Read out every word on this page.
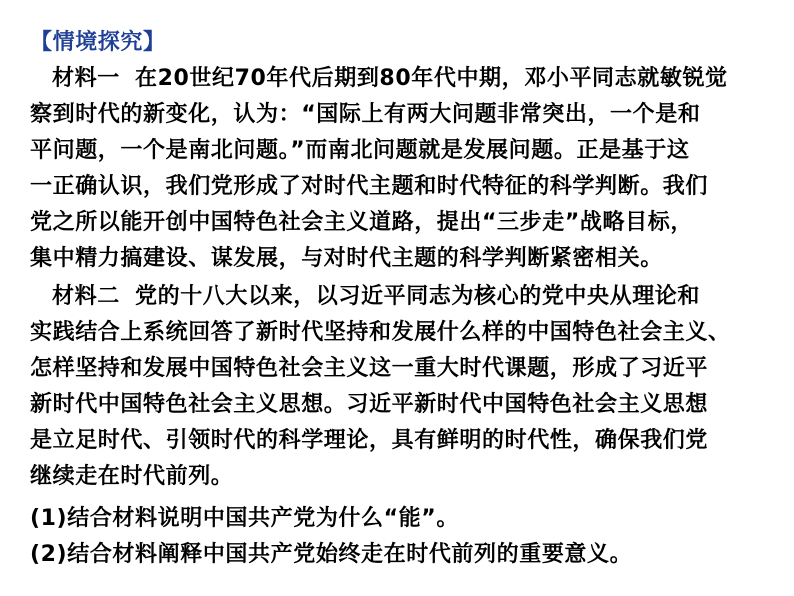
【情境探究】
材料一 在20世纪70年代后期到80年代中期，邓小平同志就敏锐觉
察到时代的新变化，认为：“国际上有两大问题非常突出，一个是和
平问题，一个是南北问题。”而南北问题就是发展问题。正是基于这
一正确认识，我们党形成了对时代主题和时代特征的科学判断。我们
党之所以能开创中国特色社会主义道路，提出“三步走”战略目标，
集中精力搞建设、谋发展，与对时代主题的科学判断紧密相关。
材料二 党的十八大以来，以习近平同志为核心的党中央从理论和
实践结合上系统回答了新时代坚持和发展什么样的中国特色社会主义、
怎样坚持和发展中国特色社会主义这一重大时代课题，形成了习近平
新时代中国特色社会主义思想。习近平新时代中国特色社会主义思想
是立足时代、引领时代的科学理论，具有鲜明的时代性，确保我们党
继续走在时代前列。
(1)结合材料说明中国共产党为什么“能”。
(2)结合材料阐释中国共产党始终走在时代前列的重要意义。
